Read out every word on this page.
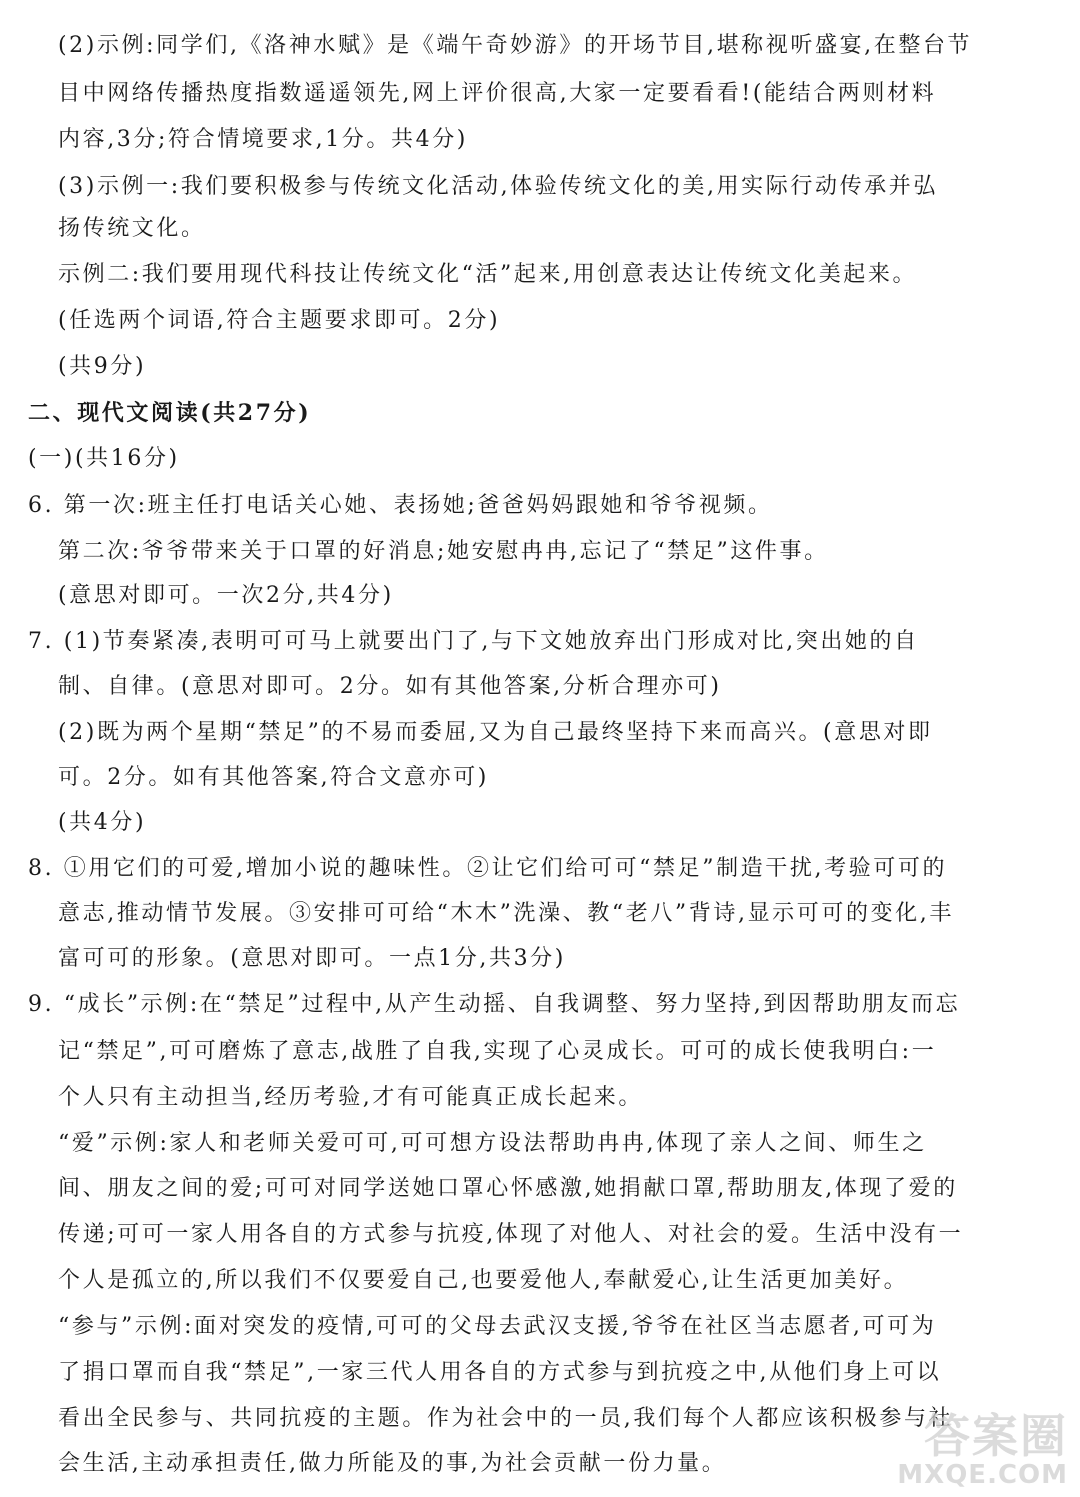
(2)示例:同学们,《洛神水赋》是《端午奇妙游》的开场节目,堪称视听盛宴,在整台节
目中网络传播热度指数遥遥领先,网上评价很高,大家一定要看看!(能结合两则材料
内容,3分;符合情境要求,1分。共4分)
(3)示例一:我们要积极参与传统文化活动,体验传统文化的美,用实际行动传承并弘
扬传统文化。
示例二:我们要用现代科技让传统文化“活”起来,用创意表达让传统文化美起来。
(任选两个词语,符合主题要求即可。2分)
(共9分)
二、现代文阅读(共27分)
(一)(共16分)
6. 第一次:班主任打电话关心她、表扬她;爸爸妈妈跟她和爷爷视频。
第二次:爷爷带来关于口罩的好消息;她安慰冉冉,忘记了“禁足”这件事。
(意思对即可。一次2分,共4分)
7. (1)节奏紧凑,表明可可马上就要出门了,与下文她放弃出门形成对比,突出她的自
制、自律。(意思对即可。2分。如有其他答案,分析合理亦可)
(2)既为两个星期“禁足”的不易而委屈,又为自己最终坚持下来而高兴。(意思对即
可。2分。如有其他答案,符合文意亦可)
(共4分)
8. ①用它们的可爱,增加小说的趣味性。②让它们给可可“禁足”制造干扰,考验可可的
意志,推动情节发展。③安排可可给“木木”洗澡、教“老八”背诗,显示可可的变化,丰
富可可的形象。(意思对即可。一点1分,共3分)
9. “成长”示例:在“禁足”过程中,从产生动摇、自我调整、努力坚持,到因帮助朋友而忘
记“禁足”,可可磨炼了意志,战胜了自我,实现了心灵成长。可可的成长使我明白:一
个人只有主动担当,经历考验,才有可能真正成长起来。
“爱”示例:家人和老师关爱可可,可可想方设法帮助冉冉,体现了亲人之间、师生之
间、朋友之间的爱;可可对同学送她口罩心怀感激,她捐献口罩,帮助朋友,体现了爱的
传递;可可一家人用各自的方式参与抗疫,体现了对他人、对社会的爱。生活中没有一
个人是孤立的,所以我们不仅要爱自己,也要爱他人,奉献爱心,让生活更加美好。
“参与”示例:面对突发的疫情,可可的父母去武汉支援,爷爷在社区当志愿者,可可为
了捐口罩而自我“禁足”,一家三代人用各自的方式参与到抗疫之中,从他们身上可以
看出全民参与、共同抗疫的主题。作为社会中的一员,我们每个人都应该积极参与社
会生活,主动承担责任,做力所能及的事,为社会贡献一份力量。
答案圈
MXQE.COM
